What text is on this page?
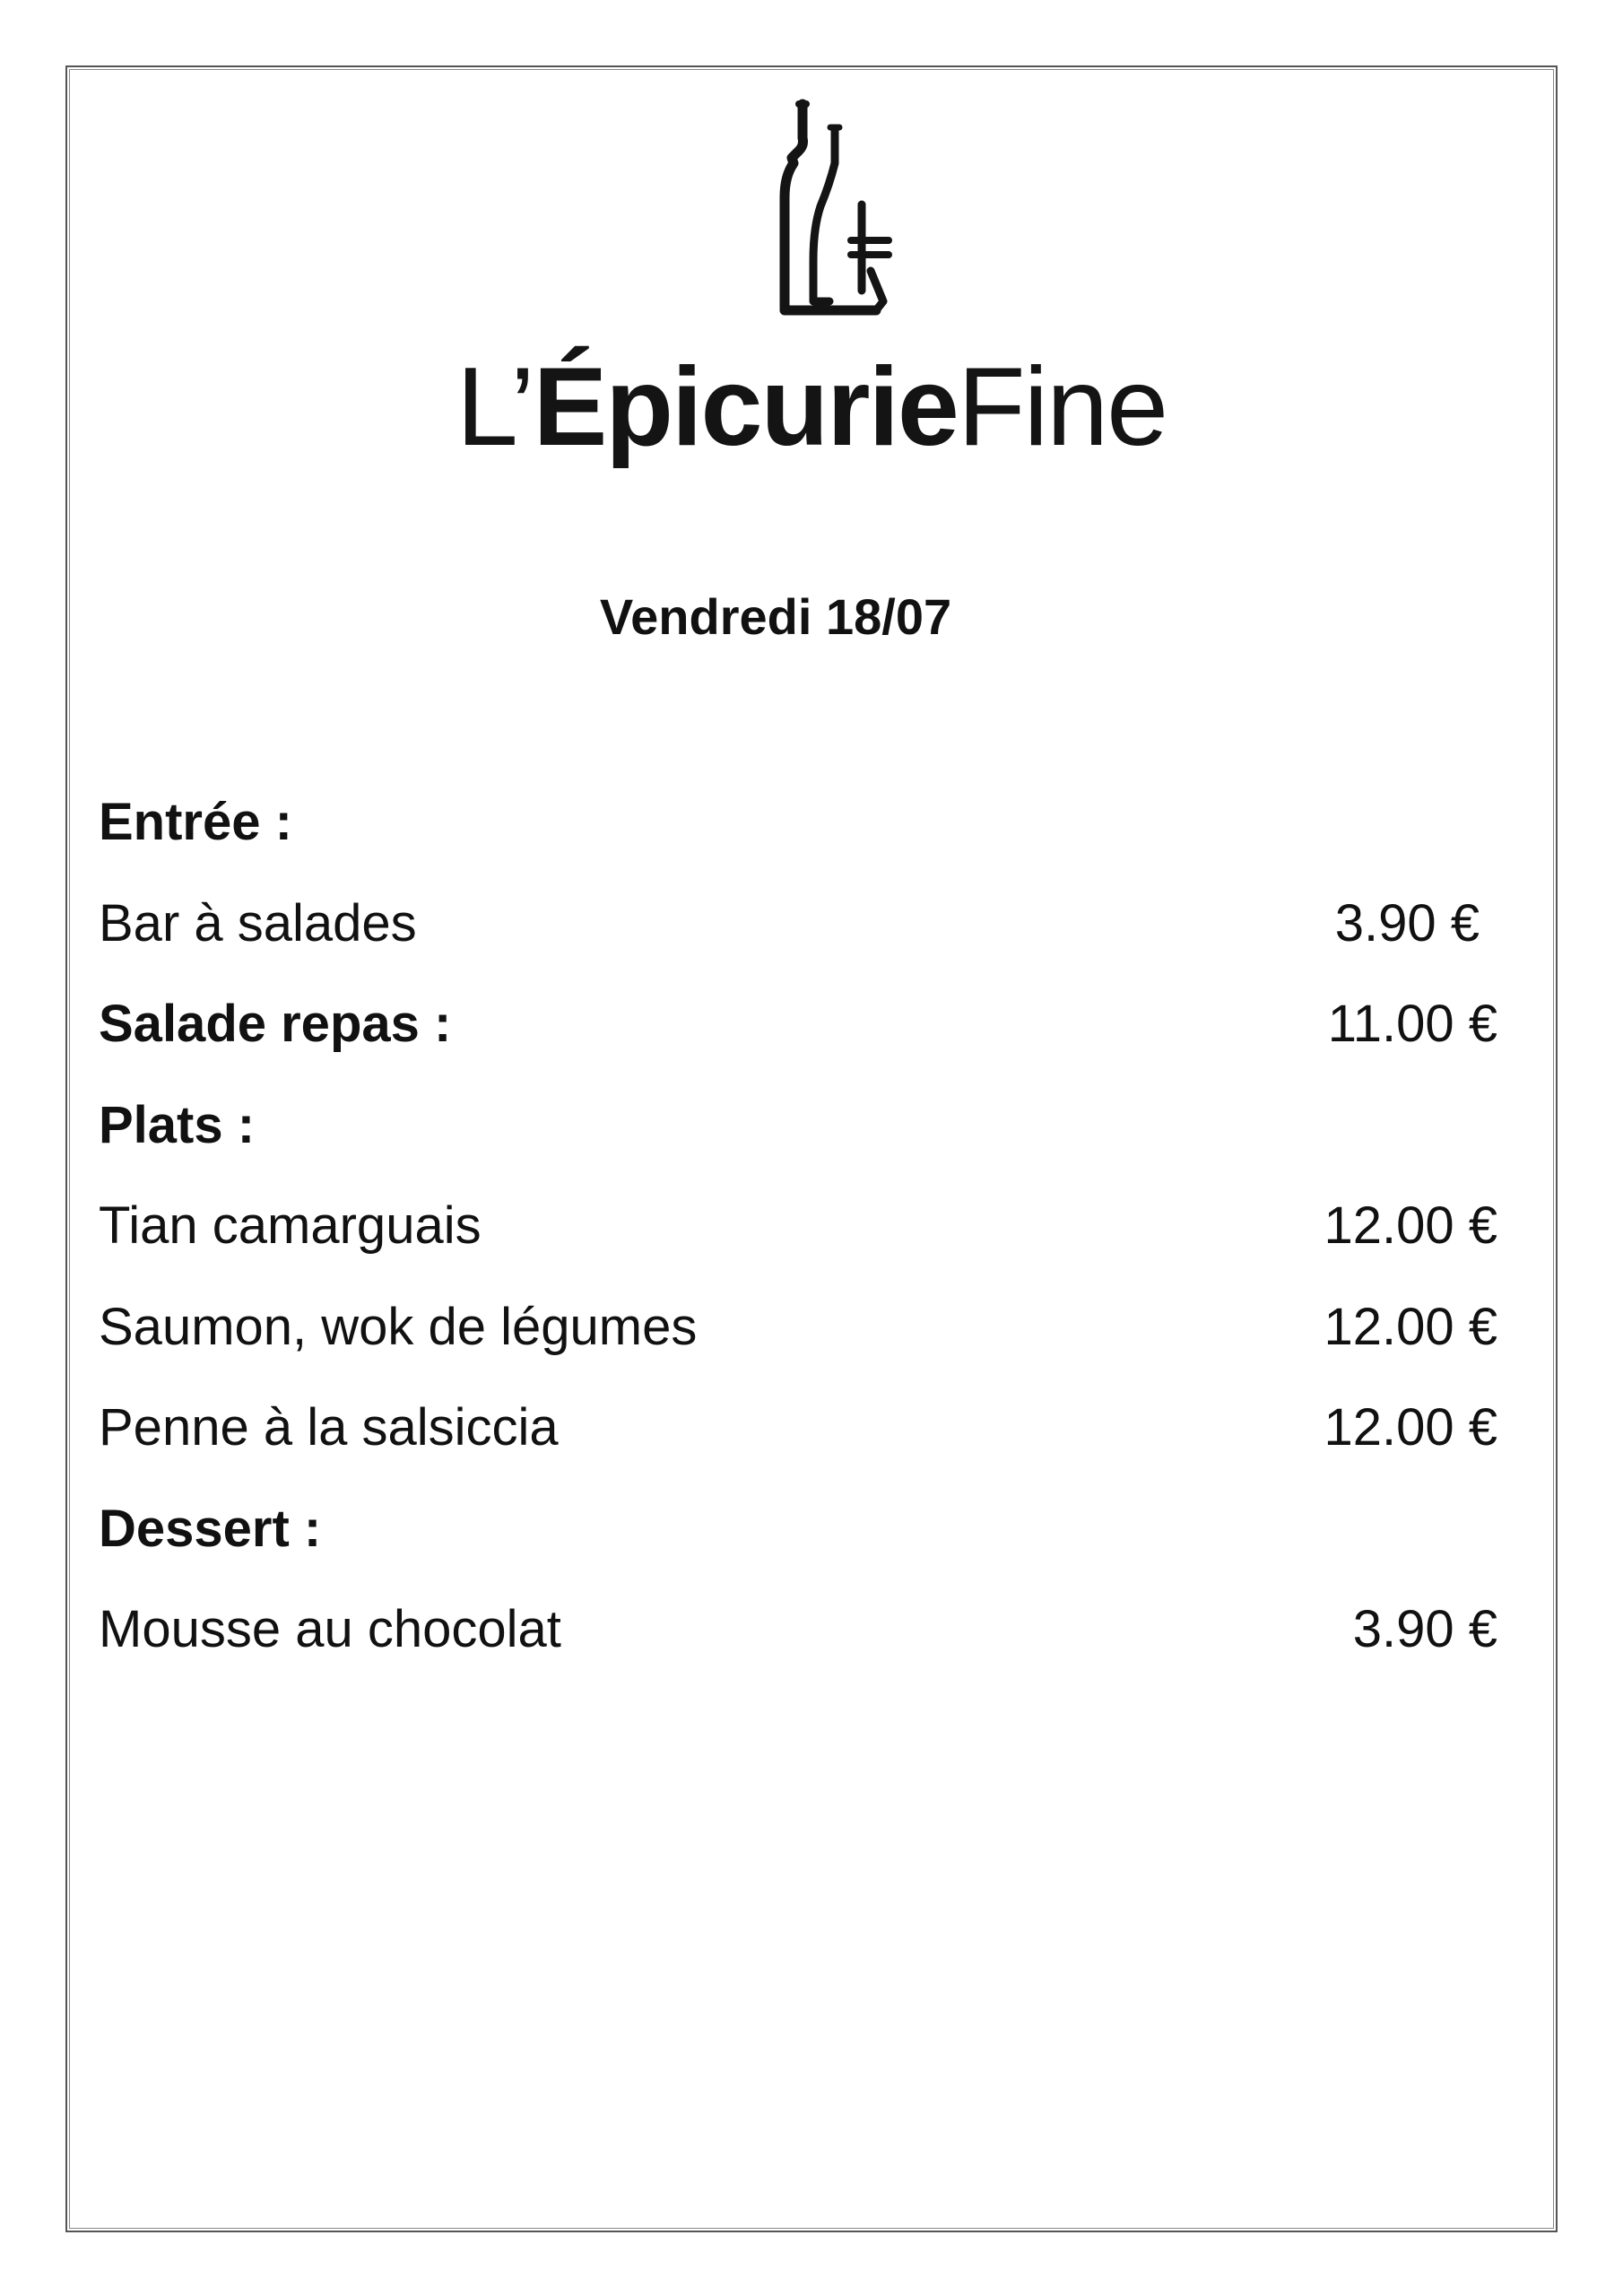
L’ÉpicurieFine
Vendredi 18/07
Entrée :
Bar à salades	3.90 €
Salade repas :	11.00 €
Plats :
Tian camarguais	12.00 €
Saumon, wok de légumes	12.00 €
Penne à la salsiccia	12.00 €
Dessert :
Mousse au chocolat	3.90 €
